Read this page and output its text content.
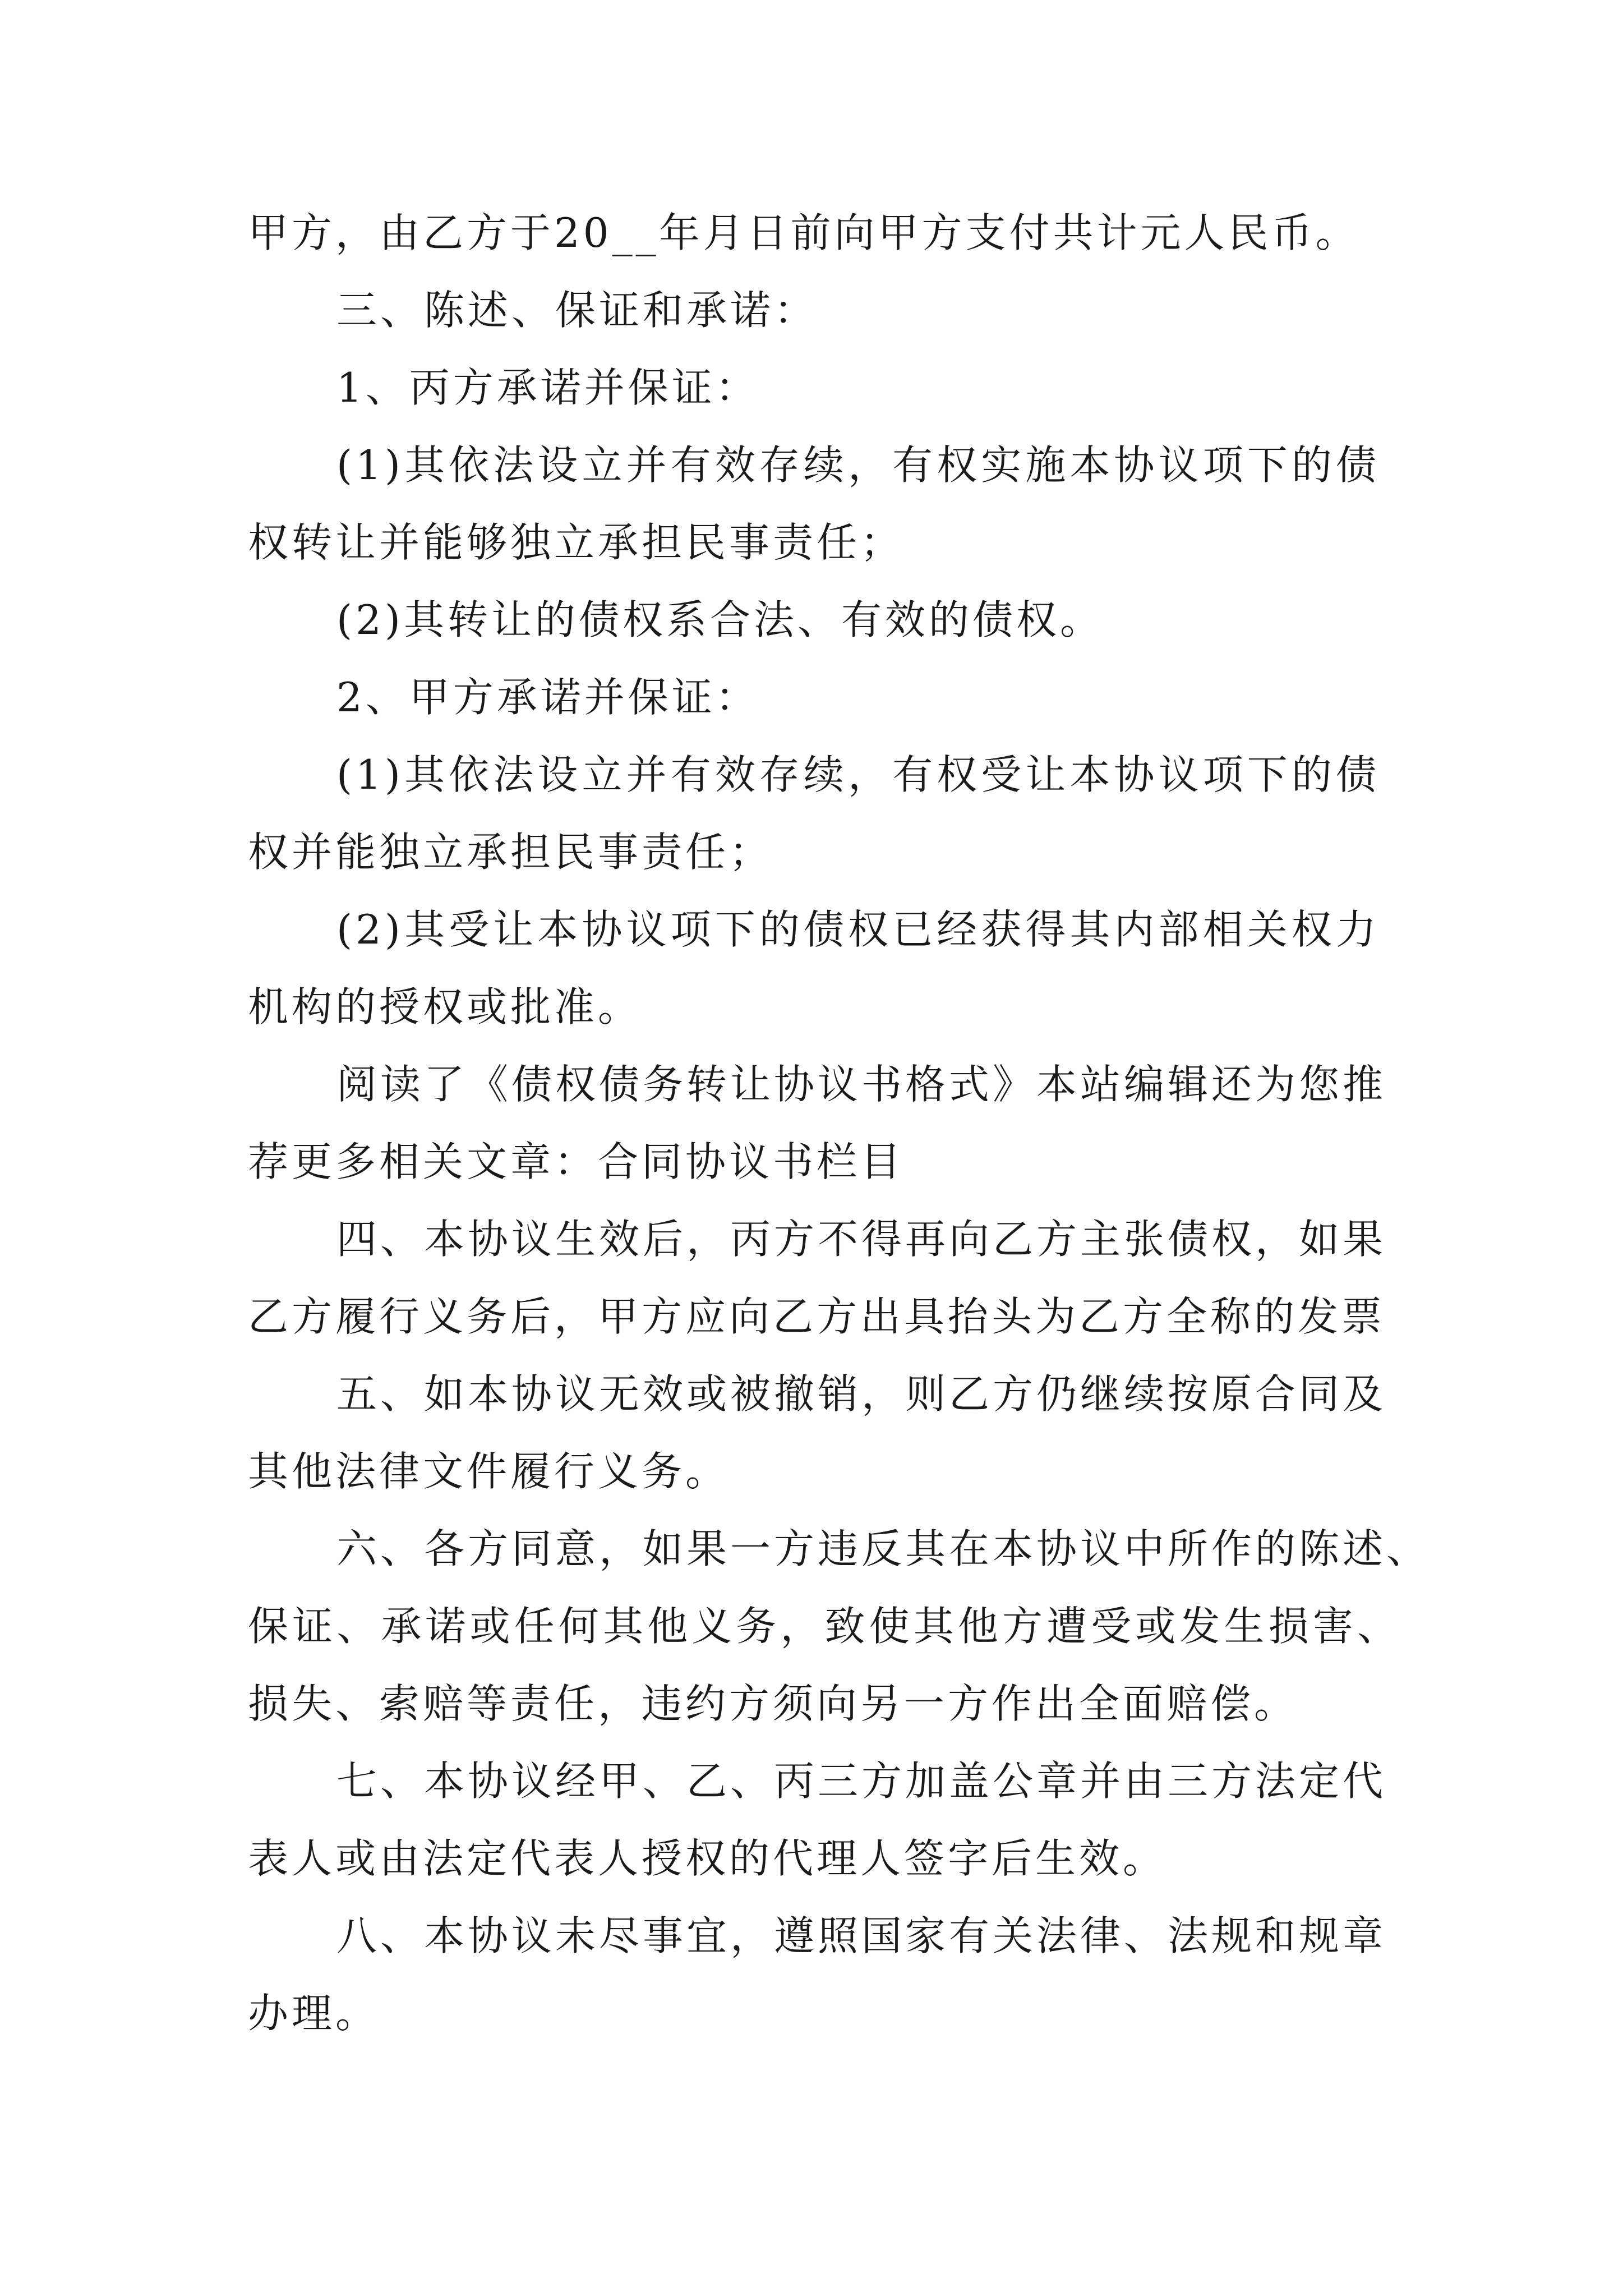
甲方，由乙方于20__年月日前向甲方支付共计元人民币。

三、陈述、保证和承诺：

1、丙方承诺并保证：

(1)其依法设立并有效存续，有权实施本协议项下的债

权转让并能够独立承担民事责任；

(2)其转让的债权系合法、有效的债权。

2、甲方承诺并保证：

(1)其依法设立并有效存续，有权受让本协议项下的债

权并能独立承担民事责任；

(2)其受让本协议项下的债权已经获得其内部相关权力

机构的授权或批准。

阅读了《债权债务转让协议书格式》本站编辑还为您推

荐更多相关文章：合同协议书栏目

四、本协议生效后，丙方不得再向乙方主张债权，如果

乙方履行义务后，甲方应向乙方出具抬头为乙方全称的发票

五、如本协议无效或被撤销，则乙方仍继续按原合同及

其他法律文件履行义务。

六、各方同意，如果一方违反其在本协议中所作的陈述、

保证、承诺或任何其他义务，致使其他方遭受或发生损害、

损失、索赔等责任，违约方须向另一方作出全面赔偿。

七、本协议经甲、乙、丙三方加盖公章并由三方法定代

表人或由法定代表人授权的代理人签字后生效。

八、本协议未尽事宜，遵照国家有关法律、法规和规章

办理。
